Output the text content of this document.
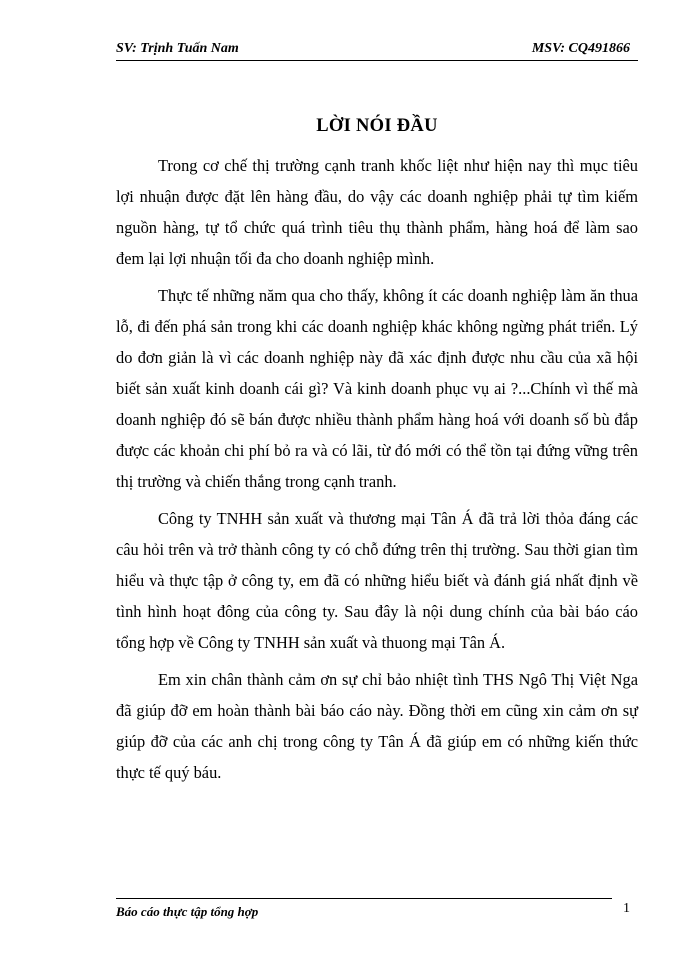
SV: Trịnh Tuấn Nam	MSV: CQ491866
LỜI NÓI ĐẦU

Trong cơ chế thị trường cạnh tranh khốc liệt như hiện nay thì mục tiêu lợi nhuận được đặt lên hàng đầu, do vậy các doanh nghiệp phải tự tìm kiếm nguồn hàng, tự tổ chức quá trình tiêu thụ thành phẩm, hàng hoá để làm sao đem lại lợi nhuận tối đa cho doanh nghiệp mình.

Thực tế những năm qua cho thấy, không ít các doanh nghiệp làm ăn thua lỗ, đi đến phá sản trong khi các doanh nghiệp khác không ngừng phát triển. Lý do đơn giản là vì các doanh nghiệp này đã xác định được nhu cầu của xã hội biết sản xuất kinh doanh cái gì? Và kinh doanh phục vụ ai ?...Chính vì thế mà doanh nghiệp đó sẽ bán được nhiều thành phẩm hàng hoá với doanh số bù đắp được các khoản chi phí bỏ ra và có lãi, từ đó mới có thể tồn tại đứng vững trên thị trường và chiến thắng trong cạnh tranh.

Công ty TNHH sản xuất và thương mại Tân Á đã trả lời thỏa đáng các câu hỏi trên và trở thành công ty có chỗ đứng trên thị trường. Sau thời gian tìm hiểu và thực tập ở công ty, em đã có những hiểu biết và đánh giá nhất định về tình hình hoạt đông của công ty. Sau đây là nội dung chính của bài báo cáo tổng hợp về Công ty TNHH sản xuất và thuong mại Tân Á.

Em xin chân thành cảm ơn sự chỉ bảo nhiệt tình THS Ngô Thị Việt Nga đã giúp đỡ em hoàn thành bài báo cáo này. Đồng thời em cũng xin cảm ơn sự giúp đỡ của các anh chị trong công ty Tân Á đã giúp em có những kiến thức thực tế quý báu.

Báo cáo thực tập tổng hợp	1
